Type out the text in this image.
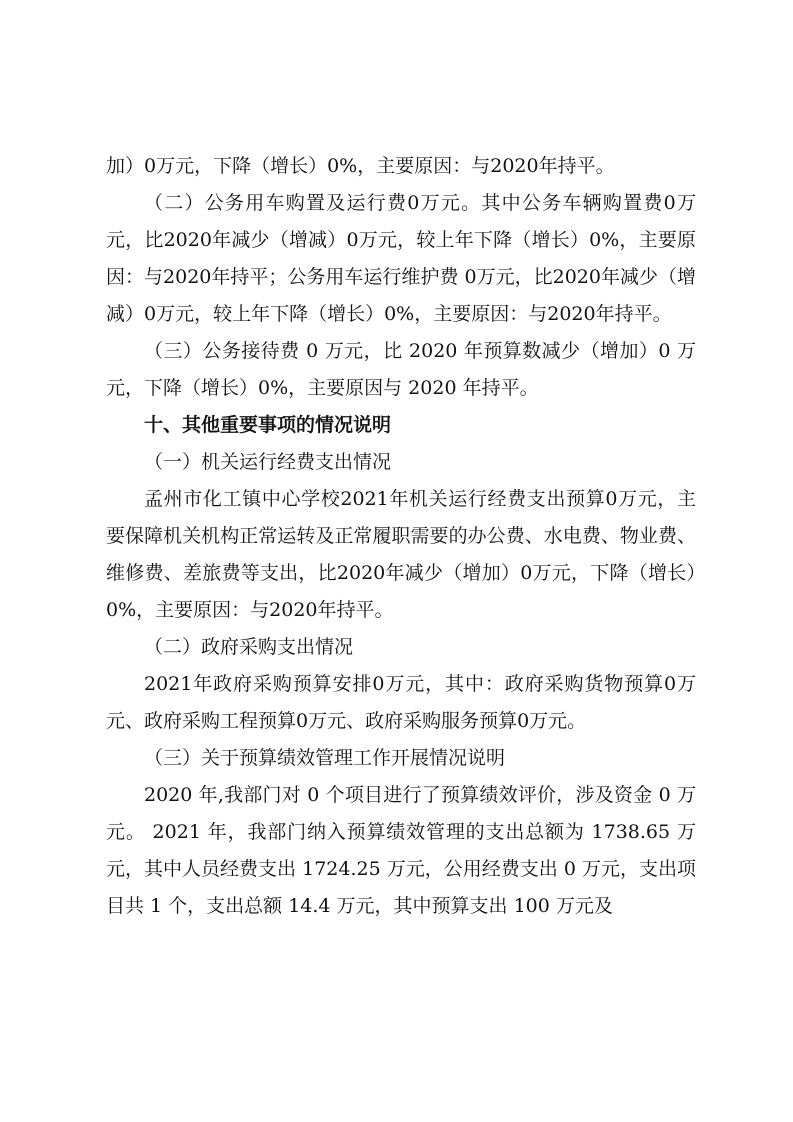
加）0万元，下降（增长）0%，主要原因：与2020年持平。

（二）公务用车购置及运行费0万元。其中公务车辆购置费0万元，比2020年减少（增减）0万元，较上年下降（增长）0%，主要原因：与2020年持平；公务用车运行维护费 0万元，比2020年减少（增减）0万元，较上年下降（增长）0%，主要原因：与2020年持平。

（三）公务接待费 0 万元，比 2020 年预算数减少（增加）0 万元，下降（增长）0%，主要原因与 2020 年持平。

十、其他重要事项的情况说明

（一）机关运行经费支出情况

孟州市化工镇中心学校2021年机关运行经费支出预算0万元，主要保障机关机构正常运转及正常履职需要的办公费、水电费、物业费、维修费、差旅费等支出，比2020年减少（增加）0万元，下降（增长）0%，主要原因：与2020年持平。

（二）政府采购支出情况

2021年政府采购预算安排0万元，其中：政府采购货物预算0万元、政府采购工程预算0万元、政府采购服务预算0万元。

（三）关于预算绩效管理工作开展情况说明

2020 年,我部门对 0 个项目进行了预算绩效评价，涉及资金 0 万元。 2021 年，我部门纳入预算绩效管理的支出总额为 1738.65 万元，其中人员经费支出 1724.25 万元，公用经费支出 0 万元，支出项目共 1 个，支出总额 14.4 万元，其中预算支出 100 万元及
